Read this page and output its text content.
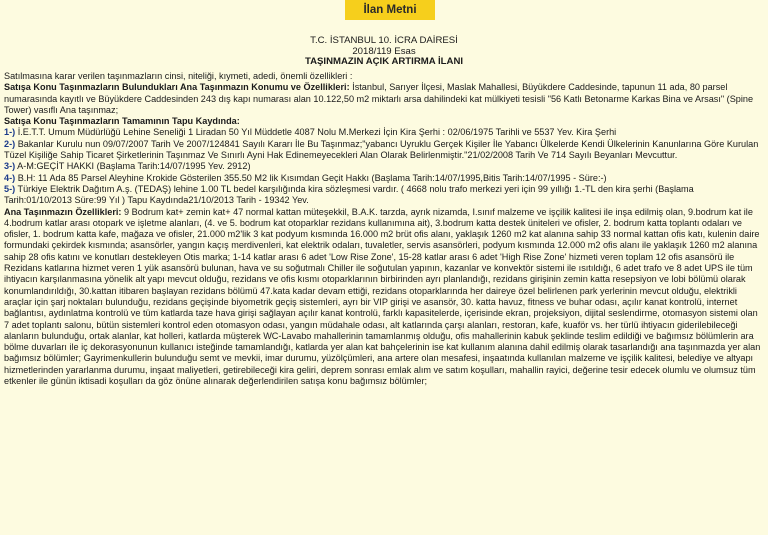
İlan Metni
T.C. İSTANBUL 10. İCRA DAİRESİ
2018/119 Esas
TAŞINMAZIN AÇIK ARTIRMA İLANI

Satılmasına karar verilen taşınmazların cinsi, niteliği, kıymeti, adedi, önemli özellikleri :

Satışa Konu Taşınmazların Bulundukları Ana Taşınmazın Konumu ve Özellikleri: İstanbul, Sarıyer İlçesi, Maslak Mahallesi, Büyükdere Caddesinde, tapunun 11 ada, 80 parsel numarasında kayıtlı ve Büyükdere Caddesinden 243 dış kapı numarası alan 10.122,50 m2 miktarlı arsa dahilindeki kat mülkiyeti tesisli "56 Katlı Betonarme Karkas Bina ve Arsası" (Spine Tower) vasıflı Ana taşınmaz;

Satışa Konu Taşınmazların Tamamının Tapu Kaydında:

1-) İ.E.T.T. Umum Müdürlüğü Lehine Seneliği 1 Liradan 50 Yıl Müddetle 4087 Nolu M.Merkezi İçin Kira Şerhi : 02/06/1975 Tarihli ve 5537 Yev. Kira Şerhi

2-) Bakanlar Kurulu nun 09/07/2007 Tarih Ve 2007/124841 Sayılı Kararı İle Bu Taşınmaz;"yabancı Uyruklu Gerçek Kişiler İle Yabancı Ülkelerde Kendi Ülkelerinin Kanunlarına Göre Kurulan Tüzel Kişiliğe Sahip Ticaret Şirketlerinin Taşınmaz Ve Sınırlı Ayni Hak Edinemeyecekleri Alan Olarak Belirlenmiştir."21/02/2008 Tarih Ve 714 Sayılı Beyanları Mevcuttur.

3-) A-M:GEÇİT HAKKI (Başlama Tarih:14/07/1995 Yev. 2912)

4-) B.H: 11 Ada 85 Parsel Aleyhine Krokide Gösterilen 355.50 M2 lik Kısımdan Geçit Hakkı (Başlama Tarih:14/07/1995,Bitis Tarih:14/07/1995 - Süre:-)

5-) Türkiye Elektrik Dağıtım A.ş. (TEDAŞ) lehine 1.00 TL bedel karşılığında kira sözleşmesi vardır. ( 4668 nolu trafo merkezi yeri için 99 yıllığı 1.-TL den kira şerhi (Başlama Tarih:01/10/2013 Süre:99 Yıl ) Tapu Kaydında21/10/2013 Tarih - 19342 Yev.

Ana Taşınmazın Özellikleri: 9 Bodrum kat+ zemin kat+ 47 normal kattan müteşekkil, B.A.K. tarzda, ayrık nizamda, I.sınıf malzeme ve işçilik kalitesi ile inşa edilmiş olan, 9.bodrum kat ile 4.bodrum katlar arası otopark ve işletme alanları, (4. ve 5. bodrum kat otoparklar rezidans kullanımına ait), 3.bodrum katta destek üniteleri ve ofisler, 2. bodrum katta toplantı odaları ve ofisler, 1. bodrum katta kafe, mağaza ve ofisler, 21.000 m2'lik 3 kat podyum kısmında 16.000 m2 brüt ofis alanı, yaklaşık 1260 m2 kat alanına sahip 33 normal kattan ofis katı, kulenin daire formundaki çekirdek kısmında; asansörler, yangın kaçış merdivenleri, kat elektrik odaları, tuvaletler, servis asansörleri, podyum kısmında 12.000 m2 ofis alanı ile yaklaşık 1260 m2 alanına sahip 28 ofis katını ve konutları destekleyen Otis marka; 1-14 katlar arası 6 adet 'Low Rise Zone', 15-28 katlar arası 6 adet 'High Rise Zone' hizmeti veren toplam 12 ofis asansörü ile Rezidans katlarına hizmet veren 1 yük asansörü bulunan, hava ve su soğutmalı Chiller ile soğutulan yapının, kazanlar ve konvektör sistemi ile ısıtıldığı, 6 adet trafo ve 8 adet UPS ile tüm ihtiyacın karşılanmasına yönelik alt yapı mevcut olduğu, rezidans ve ofis kısmı otoparklarının birbirinden ayrı planlandığı, rezidans girişinin zemin katta resepsiyon ve lobi bölümü olarak konumlandırıldığı, 30.kattan itibaren başlayan rezidans bölümü 47.kata kadar devam ettiği, rezidans otoparklarında her daireye özel belirlenen park yerlerinin mevcut olduğu, elektrikli araçlar için şarj noktaları bulunduğu, rezidans geçişinde biyometrik geçiş sistemleri, ayrı bir VIP girişi ve asansör, 30. katta havuz, fitness ve buhar odası, açılır kanat kontrolü, internet bağlantısı, aydınlatma kontrolü ve tüm katlarda taze hava girişi sağlayan açılır kanat kontrolü, farklı kapasitelerde, içerisinde ekran, projeksiyon, dijital seslendirme, otomasyon sistemi olan 7 adet toplantı salonu, bütün sistemleri kontrol eden otomasyon odası, yangın müdahale odası, alt katlarında çarşı alanları, restoran, kafe, kuaför vs. her türlü ihtiyacın giderilebileceği alanların bulunduğu, ortak alanlar, kat holleri, katlarda müşterek WC-Lavabo mahallerinin tamamlanmış olduğu, ofis mahallerinin kabuk şeklinde teslim edildiği ve bağımsız bölümlerin ara bölme duvarları ile iç dekorasyonunun kullanıcı isteğinde tamamlandığı, katlarda yer alan kat bahçelerinin ise kat kullanım alanına dahil edilmiş olarak tasarlandığı ana taşınmazda yer alan bağımsız bölümler; Gayrimenkullerin bulunduğu semt ve mevkii, imar durumu, yüzölçümleri, ana artere olan mesafesi, inşaatında kullanılan malzeme ve işçilik kalitesi, belediye ve altyapı hizmetlerinden yararlanma durumu, inşaat maliyetleri, getirebileceği kira geliri, deprem sonrası emlak alım ve satım koşulları, mahallin rayici, değerine tesir edecek olumlu ve olumsuz tüm etkenler ile günün iktisadi koşulları da göz önüne alınarak değerlendirilen satışa konu bağımsız bölümler;
